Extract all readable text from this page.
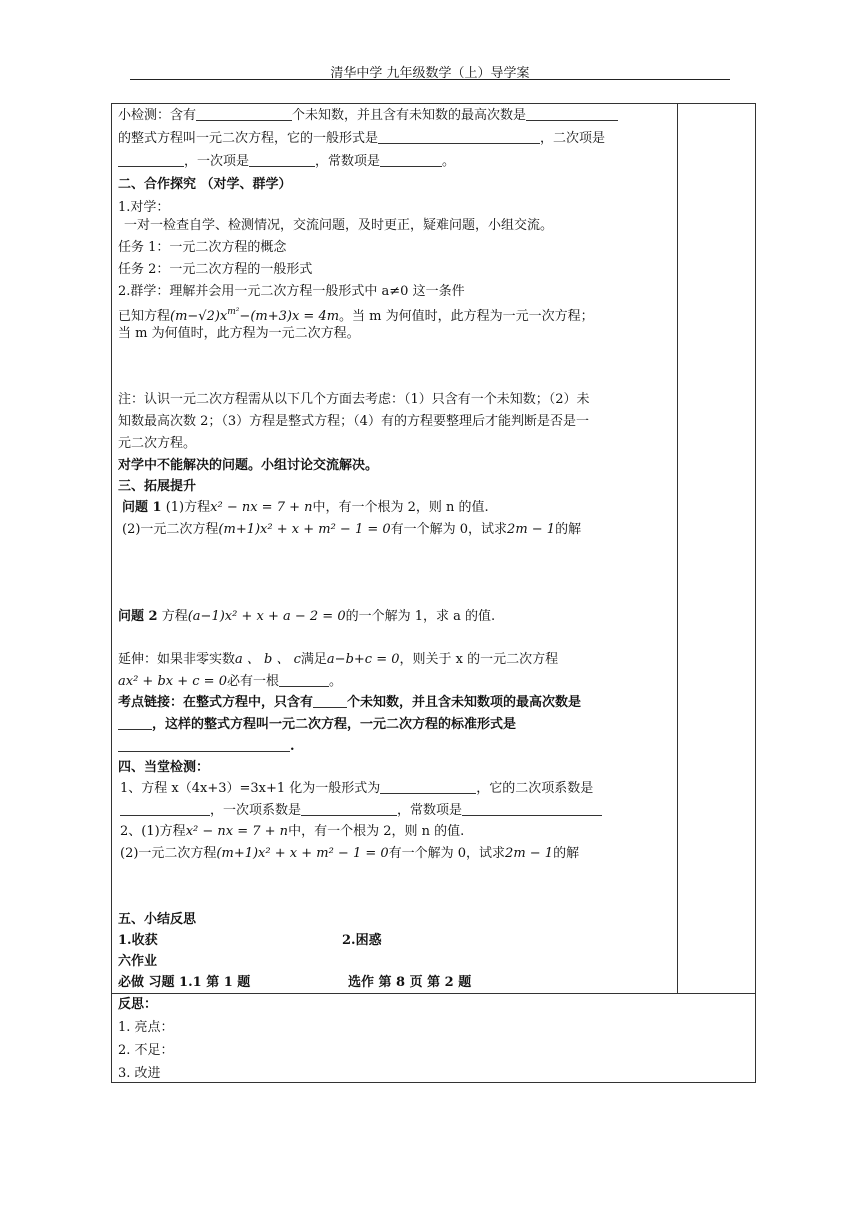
清华中学 九年级数学（上）导学案
小检测：含有	个未知数，并且含有未知数的最高次数是
的整式方程叫一元二次方程，它的一般形式是	，二次项是
，一次项是	，常数项是	。
二、合作探究 （对学、群学）
1.对学：
一对一检查自学、检测情况，交流问题，及时更正，疑难问题，小组交流。
任务 1：一元二次方程的概念
任务 2：一元二次方程的一般形式
2.群学：理解并会用一元二次方程一般形式中 a≠0 这一条件
已知方程$(m-√2)x^{m^2}-(m+3)x = 4m$。当 m 为何值时，此方程为一元一次方程；
当 m 为何值时，此方程为一元二次方程。
注：认识一元二次方程需从以下几个方面去考虑：（1）只含有一个未知数；（2）未
知数最高次数 2；（3）方程是整式方程；（4）有的方程要整理后才能判断是否是一
元二次方程。
对学中不能解决的问题。小组讨论交流解决。
三、拓展提升
问题 1 (1)方程x² − nx = 7 + n中，有一个根为 2，则 n 的值.
(2)一元二次方程(m+1)x² + x + m² − 1 = 0有一个解为 0，试求2m − 1的解
问题 2 方程(a−1)x² + x + a − 2 = 0的一个解为 1，求 a 的值.
延伸：如果非零实数a 、 b 、 c满足a−b+c = 0，则关于 x 的一元二次方程
ax² + bx + c = 0必有一根	。
考点链接：在整式方程中，只含有	个未知数，并且含未知数项的最高次数是
，这样的整式方程叫一元二次方程，一元二次方程的标准形式是
.
四、当堂检测：
1、方程 x（4x+3）=3x+1 化为一般形式为	，它的二次项系数是
，一次项系数是	，常数项是
2、(1)方程x² − nx = 7 + n中，有一个根为 2，则 n 的值.
(2)一元二次方程(m+1)x² + x + m² − 1 = 0有一个解为 0，试求2m − 1的解
五、小结反思
1.收获	2.困惑
六作业
必做 习题 1.1 第 1 题	选作 第 8 页 第 2 题
反思：
1. 亮点：
2. 不足：
3. 改进
